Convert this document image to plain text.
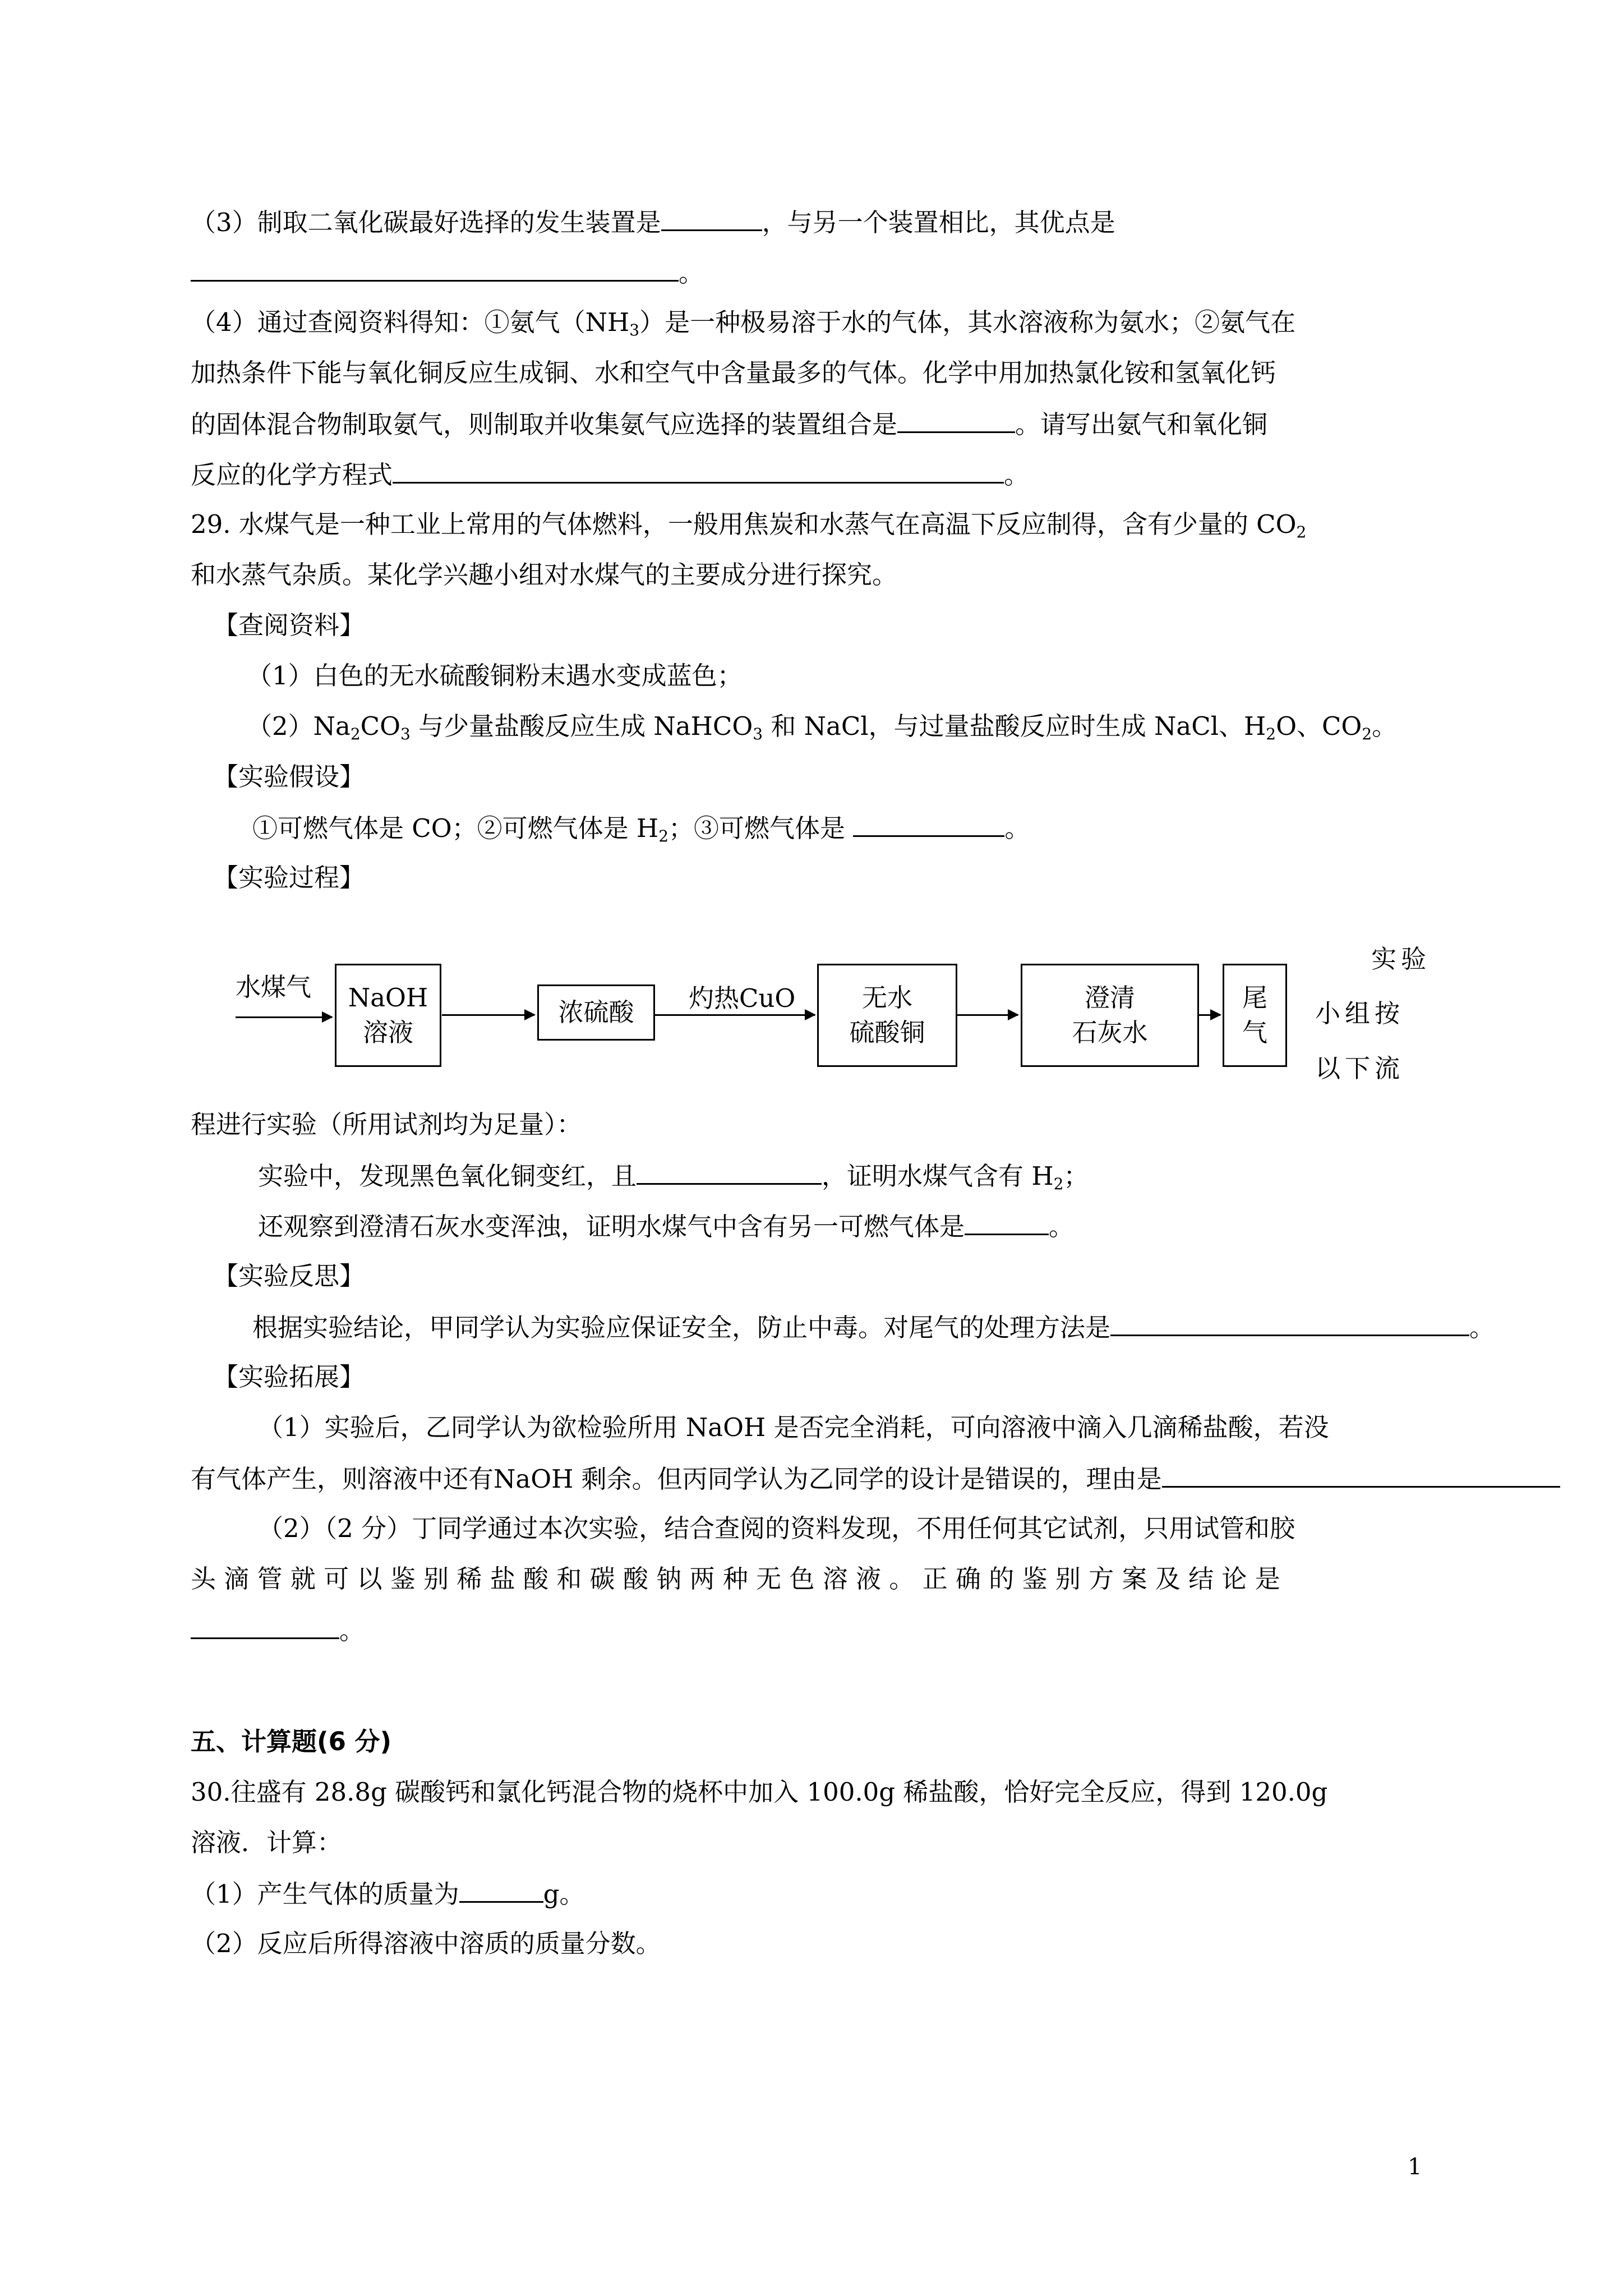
（3）制取二氧化碳最好选择的发生装置是	，与另一个装置相比，其优点是
。
（4）通过查阅资料得知：①氨气$(NH_3)$是一种极易溶于水的气体，其水溶液称为氨水；②氨气在
加热条件下能与氧化铜反应生成铜、水和空气中含量最多的气体。化学中用加热氯化铵和氢氧化钙
的固体混合物制取氨气，则制取并收集氨气应选择的装置组合是	。请写出氨气和氧化铜
反应的化学方程式	。
29. 水煤气是一种工业上常用的气体燃料，一般用焦炭和水蒸气在高温下反应制得，含有少量的 $CO_2$
和水蒸气杂质。某化学兴趣小组对水煤气的主要成分进行探究。
【查阅资料】
（1）白色的无水硫酸铜粉末遇水变成蓝色；
$(2)Na_2CO_3$ 与少量盐酸反应生成 NaHCO$_3$ 和 NaCl，与过量盐酸反应时生成 NaCl、$H_2O$、$CO_2$。
【实验假设】
①可燃气体是 CO；②可燃气体是 $H_2$；③可燃气体是	。
【实验过程】
水煤气 NaOH
溶液
浓硫酸 灼热CuO	无水
硫酸铜
澄清
石灰水
尾
气
实验
小组按
以下流
程进行实验（所用试剂均为足量）：
实验中，发现黑色氧化铜变红，且	，证明水煤气含有 $H_2$；
还观察到澄清石灰水变浑浊，证明水煤气中含有另一可燃气体是	。
【实验反思】
根据实验结论，甲同学认为实验应保证安全，防止中毒。对尾气的处理方法是	。
【实验拓展】
（1）实验后，乙同学认为欲检验所用 NaOH 是否完全消耗，可向溶液中滴入几滴稀盐酸，若没
有气体产生，则溶液中还有NaOH 剩余。但丙同学认为乙同学的设计是错误的，理由是
（2）（2 分）丁同学通过本次实验，结合查阅的资料发现，不用任何其它试剂，只用试管和胶
头 滴 管 就 可 以 鉴 别 稀 盐 酸 和 碳 酸 钠 两 种 无 色 溶 液 。 正 确 的 鉴 别 方 案 及 结 论 是
。
五、计算题(6 分)
30.往盛有 28.8g 碳酸钙和氯化钙混合物的烧杯中加入 100.0g 稀盐酸，恰好完全反应，得到 120.0g
溶液．计算：
（1）产生气体的质量为	g。
（2）反应后所得溶液中溶质的质量分数。
1
